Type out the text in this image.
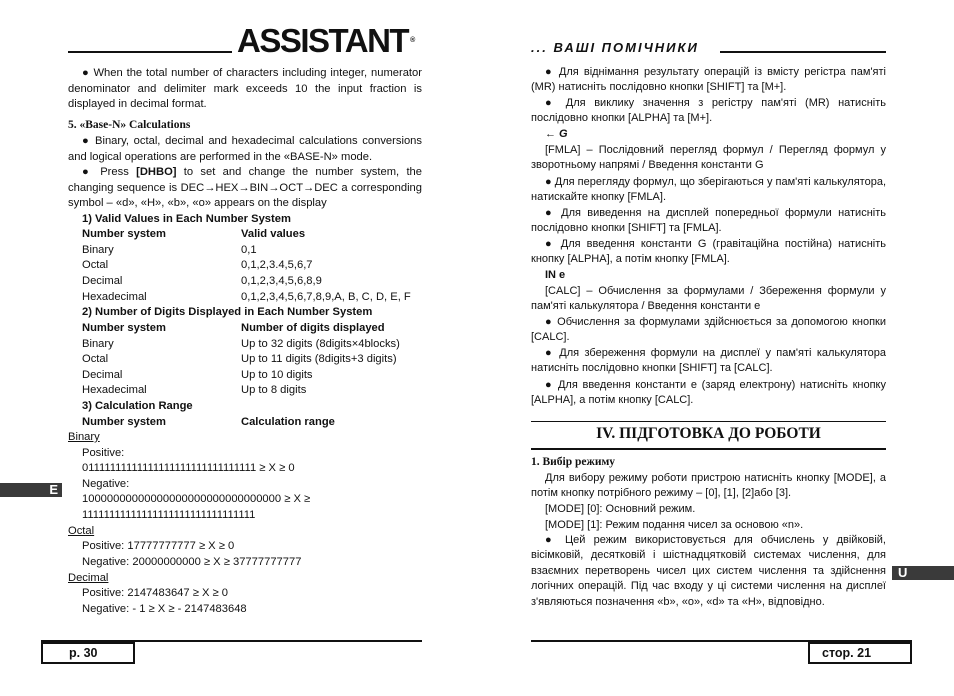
ASSISTANT ®
● When the total number of characters including integer, numerator denominator and delimiter mark exceeds 10 the input fraction is displayed in decimal format.
5. «Base-N» Calculations
● Binary, octal, decimal and hexadecimal calculations conversions and logical operations are performed in the «BASE-N» mode.
● Press [DHBO] to set and change the number system, the changing sequence is DEC→HEX→BIN→OCT→DEC a corresponding symbol – «d», «H», «b», «o» appears on the display
1) Valid Values in Each Number System
Number system	Valid values
Binary	0,1
Octal	0,1,2,3.4,5,6,7
Decimal	0,1,2,3,4,5,6,8,9
Hexadecimal	0,1,2,3,4,5,6,7,8,9,A, B, C, D, E, F
2) Number of Digits Displayed in Each Number System
Number system	Number of digits displayed
Binary	Up to 32 digits (8digits×4blocks)
Octal	Up to 11 digits (8digits+3 digits)
Decimal	Up to 10 digits
Hexadecimal	Up to 8 digits
3) Calculation Range
Number system	Calculation range
Binary
Positive:
01111111111111111111111111111111 ≥ X ≥ 0
Negative:
10000000000000000000000000000000 ≥ X ≥
11111111111111111111111111111111
Octal
Positive: 17777777777 ≥ X ≥ 0
Negative: 20000000000 ≥ X ≥ 37777777777
Decimal
Positive: 2147483647 ≥ X ≥ 0
Negative: - 1 ≥ X ≥ - 2147483648
E
p. 30
... ВАШІ ПОМІЧНИКИ
● Для віднімання результату операцій із вмісту регістра пам'яті (MR) натисніть послідовно кнопки [SHIFT] та [M+].
● Для виклику значення з регістру пам'яті (MR) натисніть послідовно кнопки [ALPHA] та [M+].
← G
[FMLA] – Послідовний перегляд формул / Перегляд формул у зворотньому напрямі / Введення константи G
● Для перегляду формул, що зберігаються у пам'яті калькулятора, натискайте кнопку [FMLA].
● Для виведення на дисплей попередньої формули натисніть послідовно кнопки [SHIFT] та [FMLA].
● Для введення константи G (гравітаційна постійна) натисніть кнопку [ALPHA], а потім кнопку [FMLA].
IN e
[CALC] – Обчислення за формулами / Збереження формули у пам'яті калькулятора / Введення константи e
● Обчислення за формулами здійснюється за допомогою кнопки [CALC].
● Для збереження формули на дисплеї у пам'яті калькулятора натисніть послідовно кнопки [SHIFT] та [CALC].
● Для введення константи e (заряд електрону) натисніть кнопку [ALPHA], а потім кнопку [CALC].
IV. ПІДГОТОВКА ДО РОБОТИ
1. Вибір режиму
Для вибору режиму роботи пристрою натисніть кнопку [MODE], а потім кнопку потрібного режиму – [0], [1], [2]або [3].
[MODE] [0]: Основний режим.
[MODE] [1]: Режим подання чисел за основою «n».
● Цей режим використовується для обчислень у двійковій, вісімковій, десятковій і шістнадцятковій системах числення, для взаємних перетворень чисел цих систем числення та здійснення логічних операцій. Під час входу у ці системи числення на дисплеї з'являються позначення «b», «o», «d» та «H», відповідно.
U
стор. 21
